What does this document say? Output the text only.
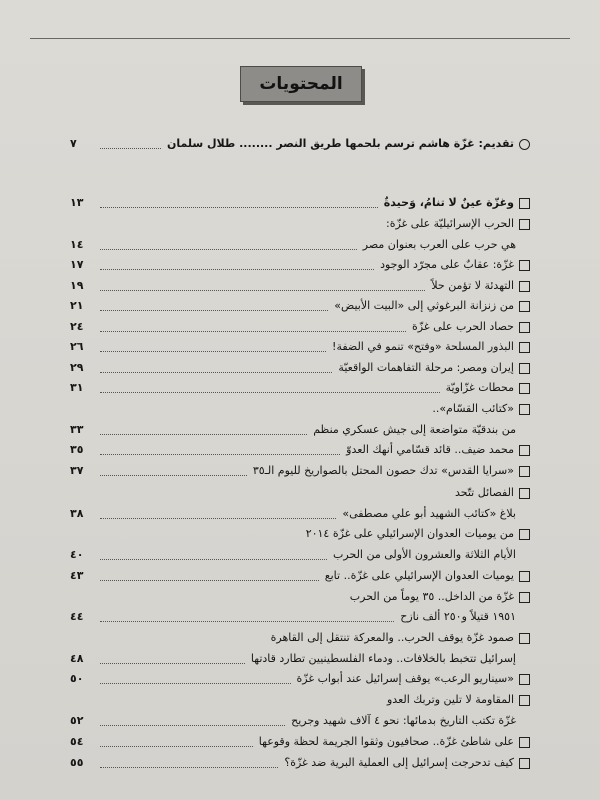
المحتويات
تقديم: غزّة هاشم ترسم بلحمها طريق النصر ........ طلال سلمان
٧
وغزّة عينٌ لا تنامُ، وَحيدةٌ
١٣
الحرب الإسرائيليّة على غزّة:
هي حرب على العرب بعنوان مصر
١٤
غزّة: عقابٌ على مجرّد الوجود
١٧
التهدئة لا تؤمن حلاً
١٩
من زنزانة البرغوثي إلى «البيت الأبيض»
٢١
حصاد الحرب على غزّة
٢٤
البذور المسلحة «وفتح» تنمو في الضفة!
٢٦
إيران ومصر: مرحلة التفاهمات الواقعيّة
٢٩
محطات غزّاويّة
٣١
«كتائب القسّام»..
من بندقيّة متواضعة إلى جيش عسكري منظم
٣٣
محمد ضيف.. قائد قسّامي أنهك العدوّ
٣٥
«سرايا القدس» تدك حصون المحتل بالصواريخ لليوم الـ٣٥
٣٧
الفصائل تتّحد
بلاغ «كتائب الشهيد أبو علي مصطفى»
٣٨
من يوميات العدوان الإسرائيلي على غزّة ٢٠١٤
الأيام الثلاثة والعشرون الأولى من الحرب
٤٠
يوميات العدوان الإسرائيلي على غزّة.. تابع
٤٣
غزّة من الداخل.. ٣٥ يوماً من الحرب
١٩٥١ قتيلاً و٢٥٠ ألف نازح
٤٤
صمود غزّة يوقف الحرب.. والمعركة تنتقل إلى القاهرة
إسرائيل تتخبط بالخلافات.. ودماء الفلسطينيين تطارد قادتها
٤٨
«سيناريو الرعب» يوقف إسرائيل عند أبواب غزّة
٥٠
المقاومة لا تلين وتربك العدو
غزّة تكتب التاريخ بدمائها: نحو ٤ آلاف شهيد وجريح
٥٢
على شاطئ غزّة.. صحافيون وثقوا الجريمة لحظة وقوعها
٥٤
كيف تدحرجت إسرائيل إلى العملية البرية ضد غزّة؟
٥٥
